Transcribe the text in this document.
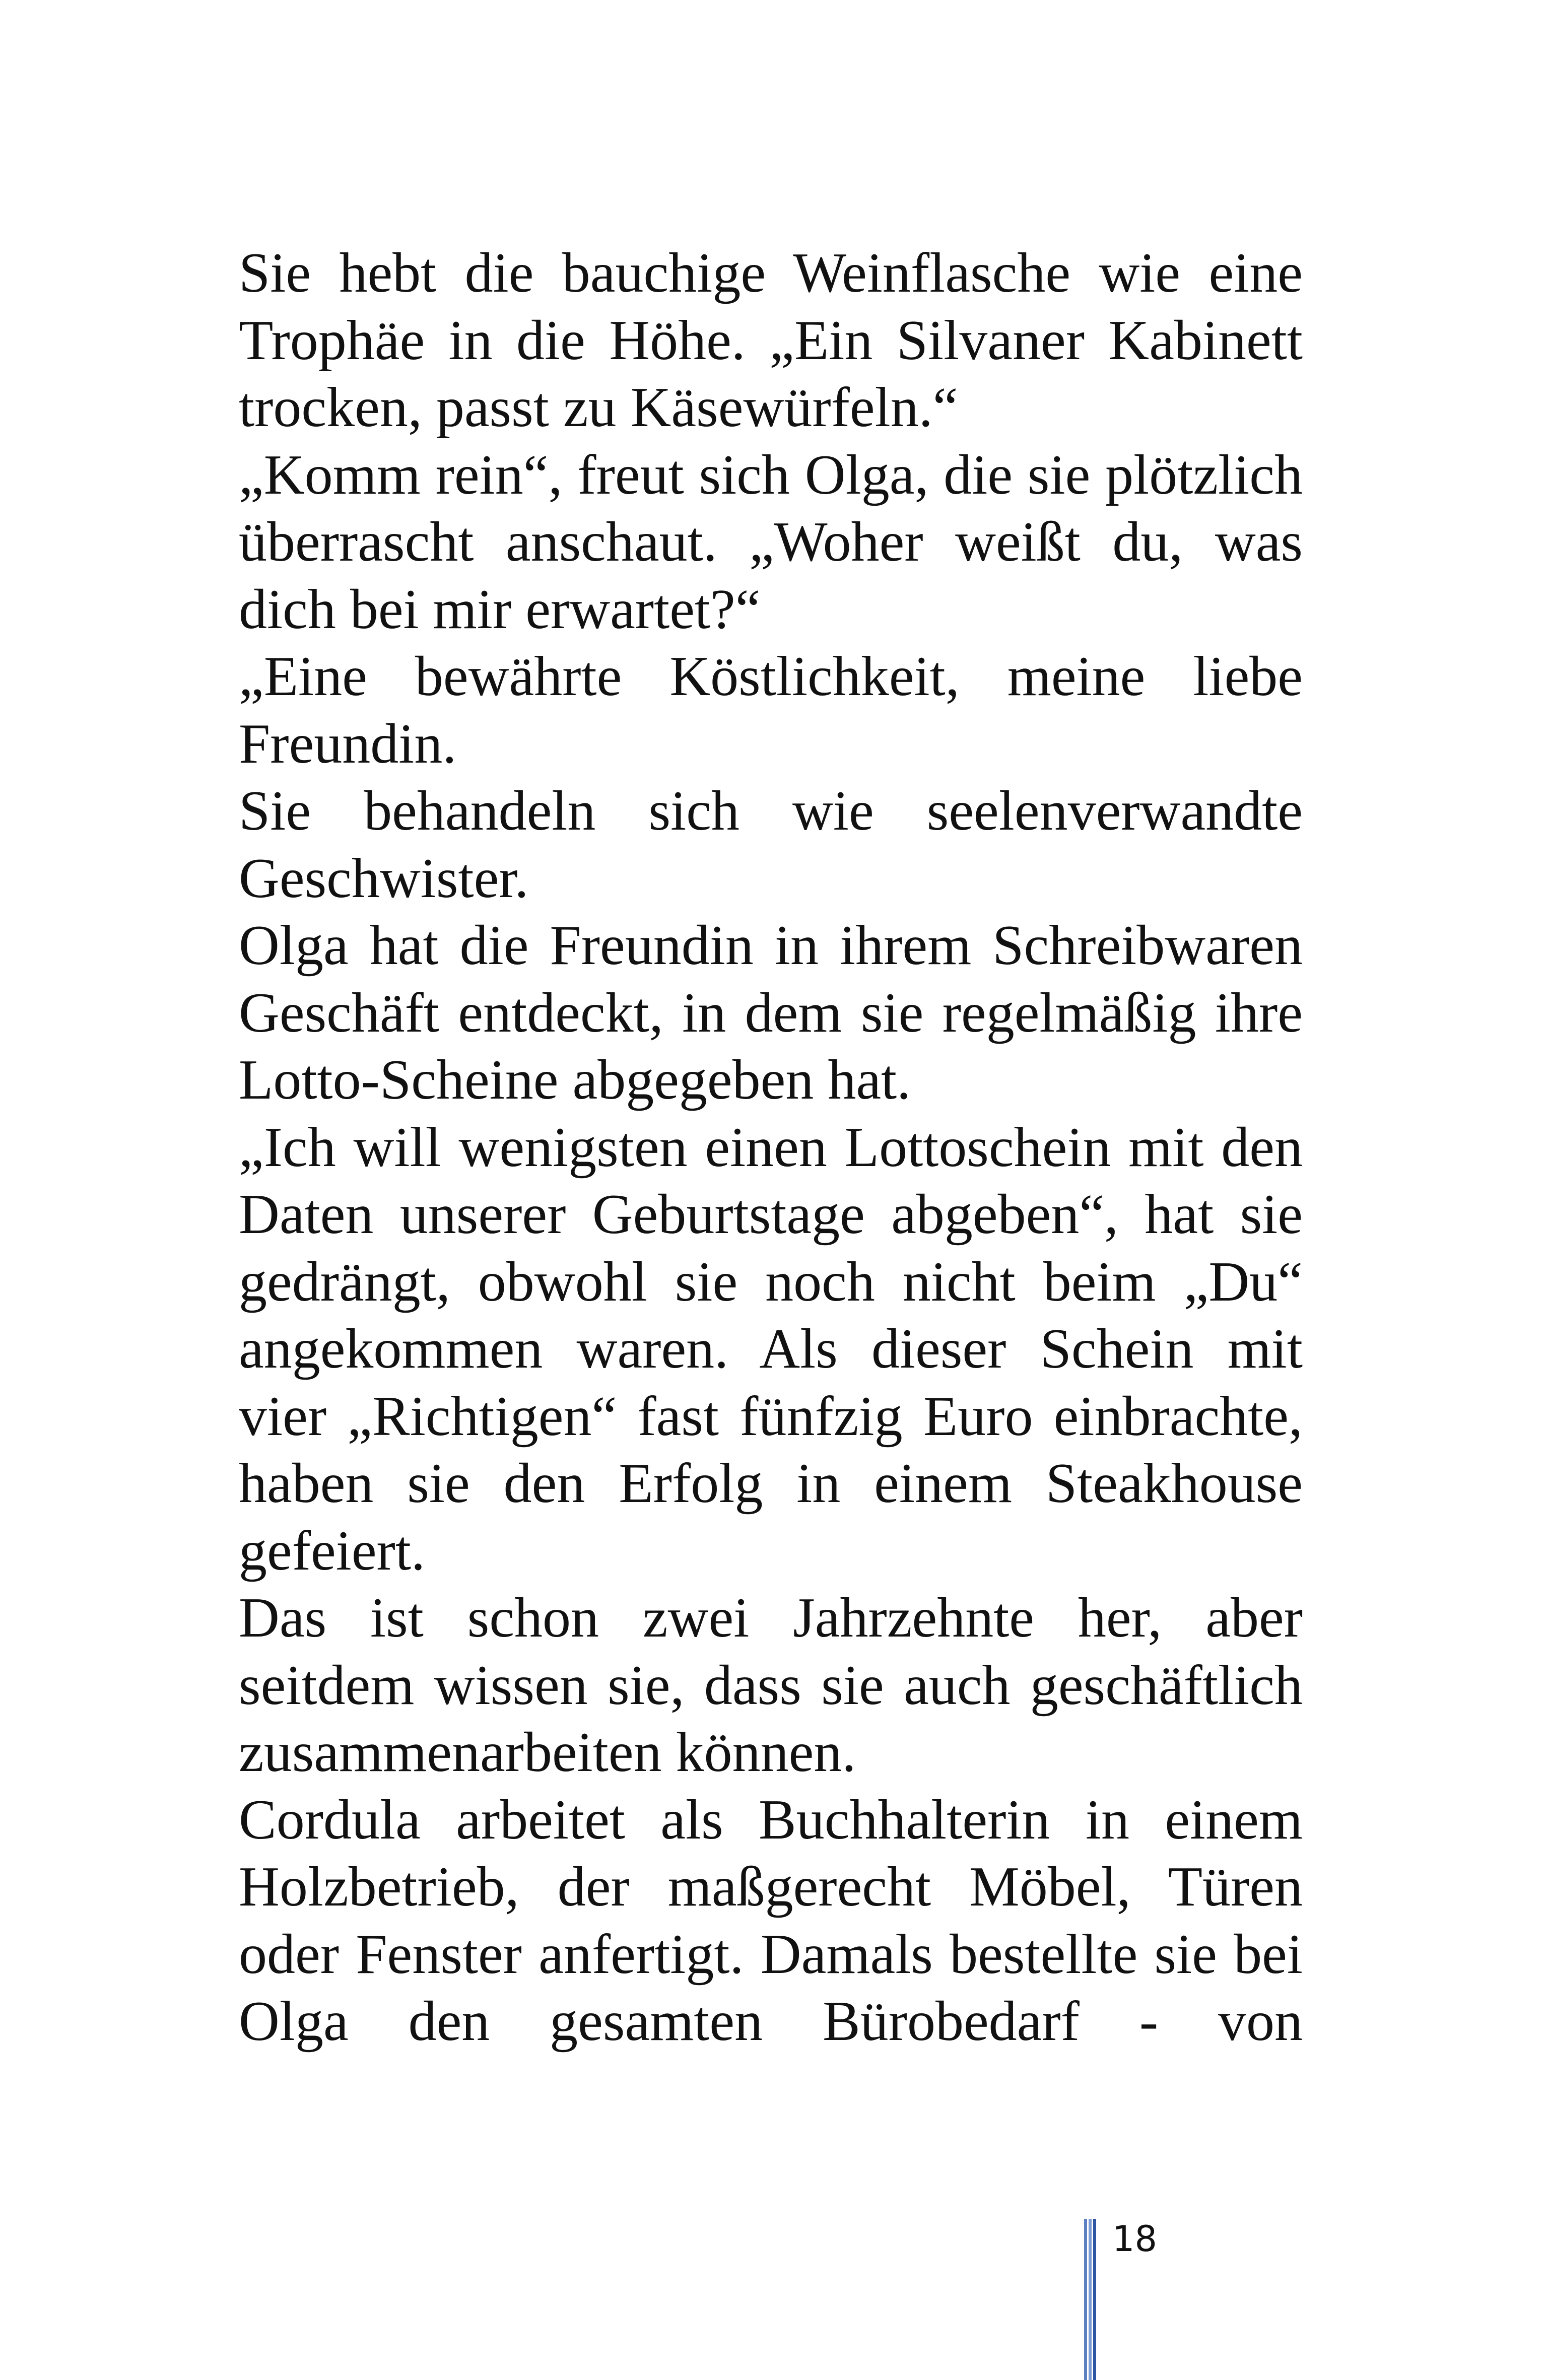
Sie hebt die bauchige Weinflasche wie eine Trophäe in die Höhe. „Ein Silvaner Kabinett trocken, passt zu Käsewürfeln.“

„Komm rein“, freut sich Olga, die sie plötzlich überrascht anschaut. „Woher weißt du, was dich bei mir erwartet?“

„Eine bewährte Köstlichkeit, meine liebe Freundin.

Sie behandeln sich wie seelenverwandte Geschwister.

Olga hat die Freundin in ihrem Schreibwaren Geschäft entdeckt, in dem sie regelmäßig ihre Lotto-Scheine abgegeben hat.

„Ich will wenigsten einen Lottoschein mit den Daten unserer Geburtstage abgeben“, hat sie gedrängt, obwohl sie noch nicht beim „Du“ angekommen waren. Als dieser Schein mit vier „Richtigen“ fast fünfzig Euro einbrachte, haben sie den Erfolg in einem Steakhouse gefeiert.

Das ist schon zwei Jahrzehnte her, aber seitdem wissen sie, dass sie auch geschäftlich zusammenarbeiten können.

Cordula arbeitet als Buchhalterin in einem Holzbetrieb, der maßgerecht Möbel, Türen oder Fenster anfertigt. Damals bestellte sie bei Olga den gesamten Bürobedarf - von

18
